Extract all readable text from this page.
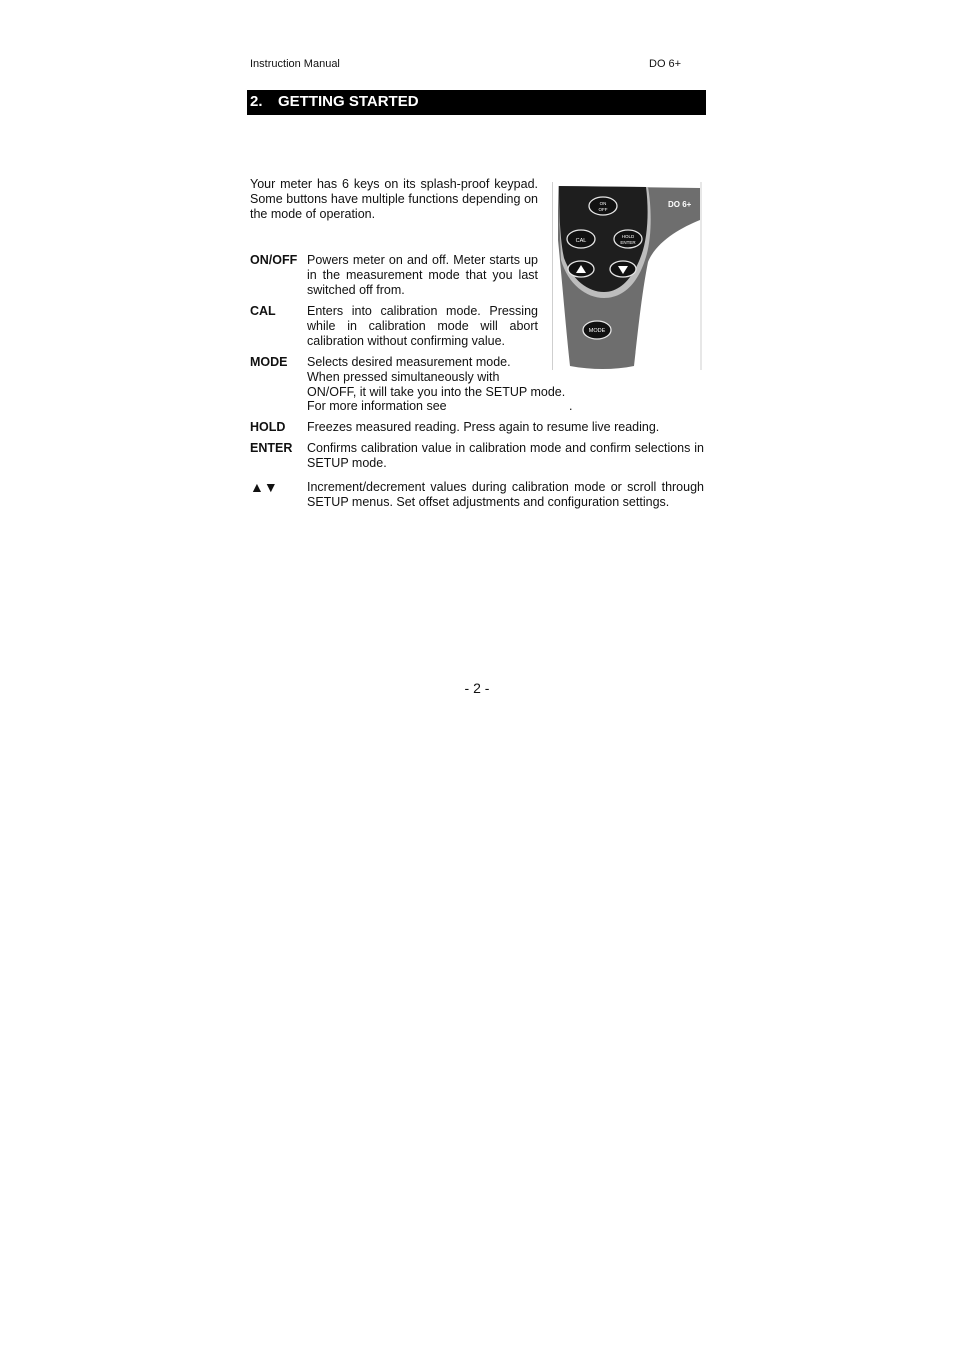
Instruction Manual	DO 6+
2. GETTING STARTED
Your meter has 6 keys on its splash-proof keypad. Some buttons have multiple functions depending on the mode of operation.
DO 6+
ON
OFF
CAL
HOLD
ENTER
MODE
ON/OFF Powers meter on and off. Meter starts up in the measurement mode that you last switched off from.
CAL	Enters into calibration mode. Pressing while in calibration mode will abort calibration without confirming value.
MODE Selects desired measurement mode.
When pressed simultaneously with
ON/OFF, it will take you into the SETUP mode.
For more information see	.
HOLD Freezes measured reading. Press again to resume live reading.
ENTER Confirms calibration value in calibration mode and confirm selections in SETUP mode.
▲▼ Increment/decrement values during calibration mode or scroll through SETUP menus. Set offset adjustments and configuration settings.
- 2 -
